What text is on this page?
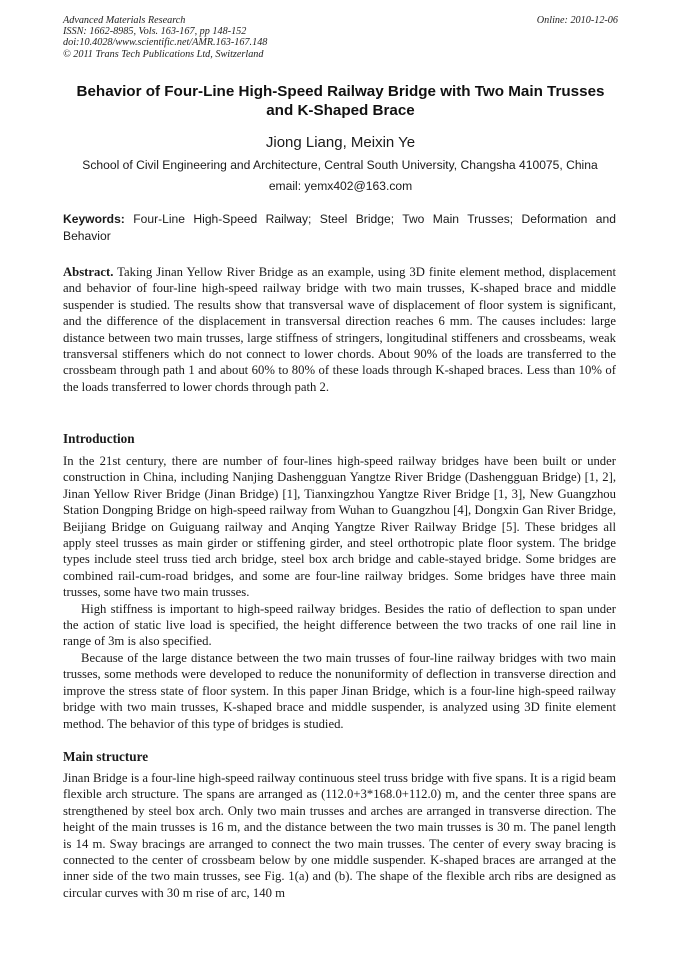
Advanced Materials Research
ISSN: 1662-8985, Vols. 163-167, pp 148-152
doi:10.4028/www.scientific.net/AMR.163-167.148
© 2011 Trans Tech Publications Ltd, Switzerland
Online: 2010-12-06
Behavior of Four-Line High-Speed Railway Bridge with Two Main Trusses and K-Shaped Brace
Jiong Liang, Meixin Ye
School of Civil Engineering and Architecture, Central South University, Changsha 410075, China
email: yemx402@163.com
Keywords: Four-Line High-Speed Railway; Steel Bridge; Two Main Trusses; Deformation and Behavior
Abstract. Taking Jinan Yellow River Bridge as an example, using 3D finite element method, displacement and behavior of four-line high-speed railway bridge with two main trusses, K-shaped brace and middle suspender is studied. The results show that transversal wave of displacement of floor system is significant, and the difference of the displacement in transversal direction reaches 6 mm. The causes includes: large distance between two main trusses, large stiffness of stringers, longitudinal stiffeners and crossbeams, weak transversal stiffeners which do not connect to lower chords. About 90% of the loads are transferred to the crossbeam through path 1 and about 60% to 80% of these loads through K-shaped braces. Less than 10% of the loads transferred to lower chords through path 2.
Introduction

In the 21st century, there are number of four-lines high-speed railway bridges have been built or under construction in China, including Nanjing Dashengguan Yangtze River Bridge (Dashengguan Bridge) [1, 2], Jinan Yellow River Bridge (Jinan Bridge) [1], Tianxingzhou Yangtze River Bridge [1, 3], New Guangzhou Station Dongping Bridge on high-speed railway from Wuhan to Guangzhou [4], Dongxin Gan River Bridge, Beijiang Bridge on Guiguang railway and Anqing Yangtze River Railway Bridge [5]. These bridges all apply steel trusses as main girder or stiffening girder, and steel orthotropic plate floor system. The bridge types include steel truss tied arch bridge, steel box arch bridge and cable-stayed bridge. Some bridges are combined rail-cum-road bridges, and some are four-line railway bridges. Some bridges have three main trusses, some have two main trusses.

High stiffness is important to high-speed railway bridges. Besides the ratio of deflection to span under the action of static live load is specified, the height difference between the two tracks of one rail line in range of 3m is also specified.

Because of the large distance between the two main trusses of four-line railway bridges with two main trusses, some methods were developed to reduce the nonuniformity of deflection in transverse direction and improve the stress state of floor system. In this paper Jinan Bridge, which is a four-line high-speed railway bridge with two main trusses, K-shaped brace and middle suspender, is analyzed using 3D finite element method. The behavior of this type of bridges is studied.

Main structure

Jinan Bridge is a four-line high-speed railway continuous steel truss bridge with five spans. It is a rigid beam flexible arch structure. The spans are arranged as (112.0+3*168.0+112.0) m, and the center three spans are strengthened by steel box arch. Only two main trusses and arches are arranged in transverse direction. The height of the main trusses is 16 m, and the distance between the two main trusses is 30 m. The panel length is 14 m. Sway bracings are arranged to connect the two main trusses. The center of every sway bracing is connected to the center of crossbeam below by one middle suspender. K-shaped braces are arranged at the inner side of the two main trusses, see Fig. 1(a) and (b). The shape of the flexible arch ribs are designed as circular curves with 30 m rise of arc, 140 m
